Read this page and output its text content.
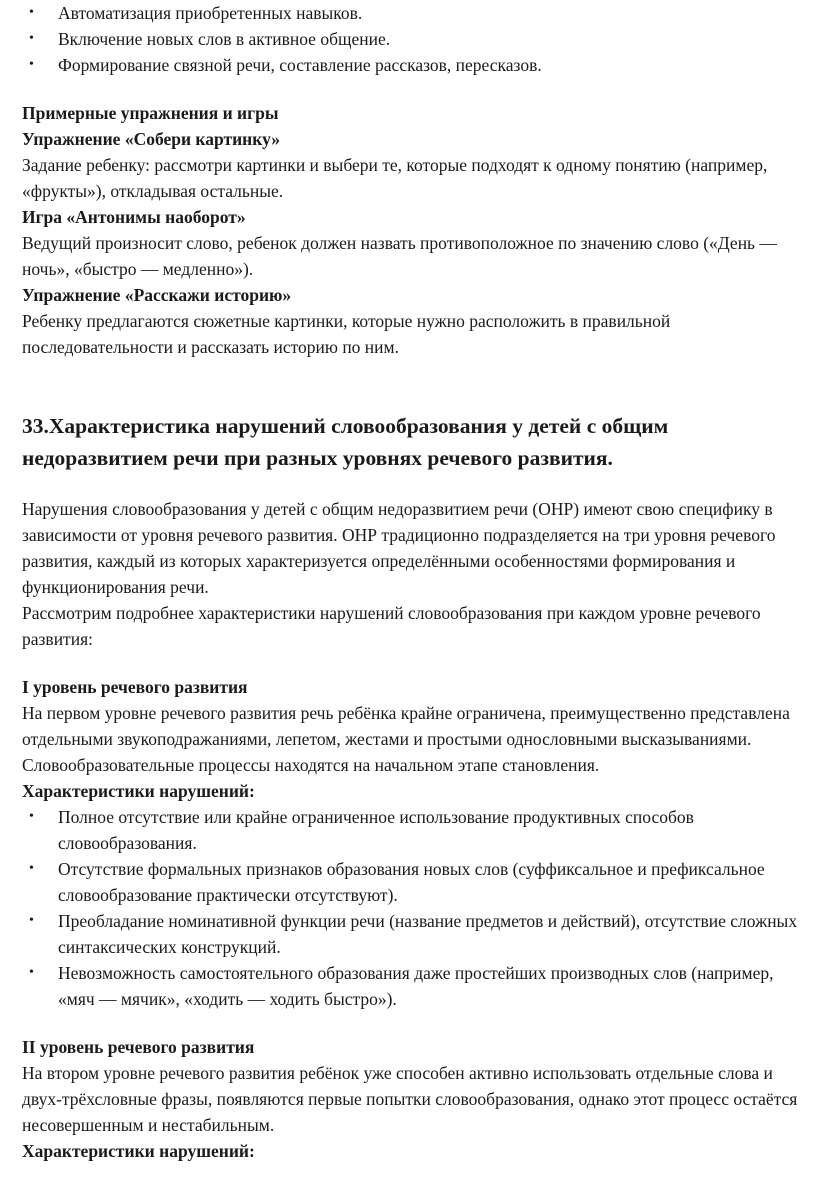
• Автоматизация приобретенных навыков.
• Включение новых слов в активное общение.
• Формирование связной речи, составление рассказов, пересказов.

Примерные упражнения и игры

Упражнение «Собери картинку»

Задание ребенку: рассмотри картинки и выбери те, которые подходят к одному понятию (например, «фрукты»), откладывая остальные.

Игра «Антонимы наоборот»

Ведущий произносит слово, ребенок должен назвать противоположное по значению слово («День — ночь», «быстро — медленно»).

Упражнение «Расскажи историю»

Ребенку предлагаются сюжетные картинки, которые нужно расположить в правильной последовательности и рассказать историю по ним.

33.Характеристика нарушений словообразования у детей с общим недоразвитием речи при разных уровнях речевого развития.

Нарушения словообразования у детей с общим недоразвитием речи (ОНР) имеют свою специфику в зависимости от уровня речевого развития. ОНР традиционно подразделяется на три уровня речевого развития, каждый из которых характеризуется определёнными особенностями формирования и функционирования речи.

Рассмотрим подробнее характеристики нарушений словообразования при каждом уровне речевого развития:

I уровень речевого развития

На первом уровне речевого развития речь ребёнка крайне ограничена, преимущественно представлена отдельными звукоподражаниями, лепетом, жестами и простыми однословными высказываниями. Словообразовательные процессы находятся на начальном этапе становления.

Характеристики нарушений:

• Полное отсутствие или крайне ограниченное использование продуктивных способов словообразования.
• Отсутствие формальных признаков образования новых слов (суффиксальное и префиксальное словообразование практически отсутствуют).
• Преобладание номинативной функции речи (название предметов и действий), отсутствие сложных синтаксических конструкций.
• Невозможность самостоятельного образования даже простейших производных слов (например, «мяч — мячик», «ходить — ходить быстро»).

II уровень речевого развития

На втором уровне речевого развития ребёнок уже способен активно использовать отдельные слова и двух-трёхсловные фразы, появляются первые попытки словообразования, однако этот процесс остаётся несовершенным и нестабильным.

Характеристики нарушений:
